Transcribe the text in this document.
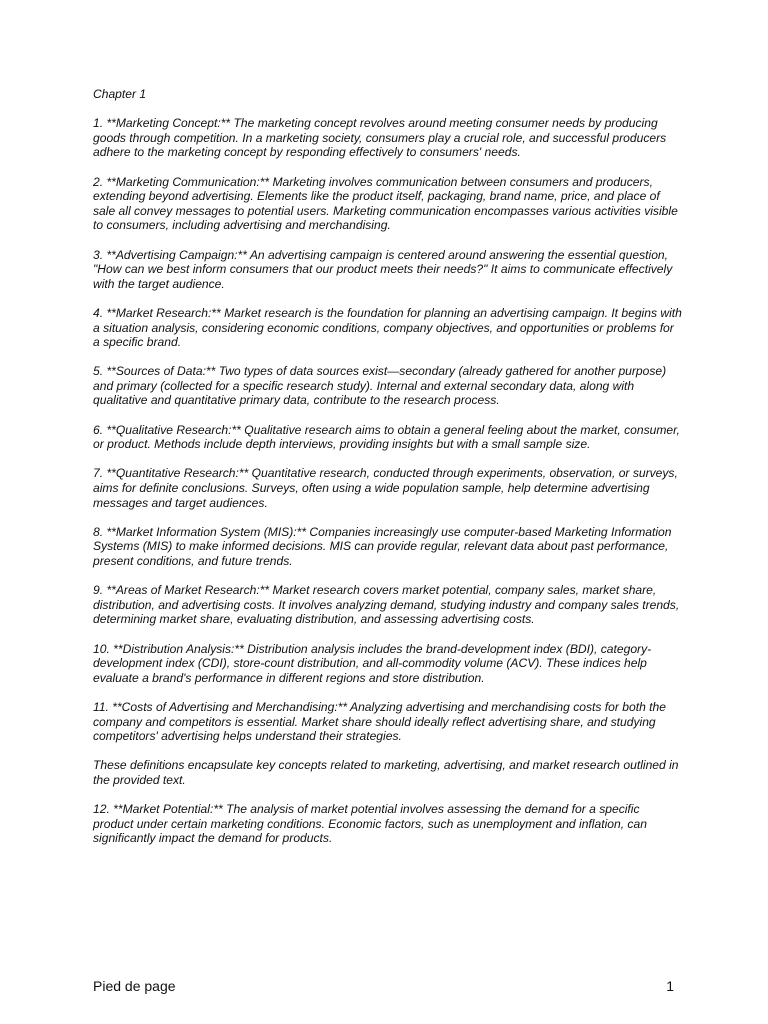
Chapter 1

1. **Marketing Concept:** The marketing concept revolves around meeting consumer needs by producing goods through competition. In a marketing society, consumers play a crucial role, and successful producers adhere to the marketing concept by responding effectively to consumers' needs.

2. **Marketing Communication:** Marketing involves communication between consumers and producers, extending beyond advertising. Elements like the product itself, packaging, brand name, price, and place of sale all convey messages to potential users. Marketing communication encompasses various activities visible to consumers, including advertising and merchandising.

3. **Advertising Campaign:** An advertising campaign is centered around answering the essential question, "How can we best inform consumers that our product meets their needs?" It aims to communicate effectively with the target audience.

4. **Market Research:** Market research is the foundation for planning an advertising campaign. It begins with a situation analysis, considering economic conditions, company objectives, and opportunities or problems for a specific brand.

5. **Sources of Data:** Two types of data sources exist—secondary (already gathered for another purpose) and primary (collected for a specific research study). Internal and external secondary data, along with qualitative and quantitative primary data, contribute to the research process.

6. **Qualitative Research:** Qualitative research aims to obtain a general feeling about the market, consumer, or product. Methods include depth interviews, providing insights but with a small sample size.

7. **Quantitative Research:** Quantitative research, conducted through experiments, observation, or surveys, aims for definite conclusions. Surveys, often using a wide population sample, help determine advertising messages and target audiences.

8. **Market Information System (MIS):** Companies increasingly use computer-based Marketing Information Systems (MIS) to make informed decisions. MIS can provide regular, relevant data about past performance, present conditions, and future trends.

9. **Areas of Market Research:** Market research covers market potential, company sales, market share, distribution, and advertising costs. It involves analyzing demand, studying industry and company sales trends, determining market share, evaluating distribution, and assessing advertising costs.

10. **Distribution Analysis:** Distribution analysis includes the brand-development index (BDI), category-development index (CDI), store-count distribution, and all-commodity volume (ACV). These indices help evaluate a brand's performance in different regions and store distribution.

11. **Costs of Advertising and Merchandising:** Analyzing advertising and merchandising costs for both the company and competitors is essential. Market share should ideally reflect advertising share, and studying competitors' advertising helps understand their strategies.

These definitions encapsulate key concepts related to marketing, advertising, and market research outlined in the provided text.

12. **Market Potential:** The analysis of market potential involves assessing the demand for a specific product under certain marketing conditions. Economic factors, such as unemployment and inflation, can significantly impact the demand for products.

Pied de page	1
